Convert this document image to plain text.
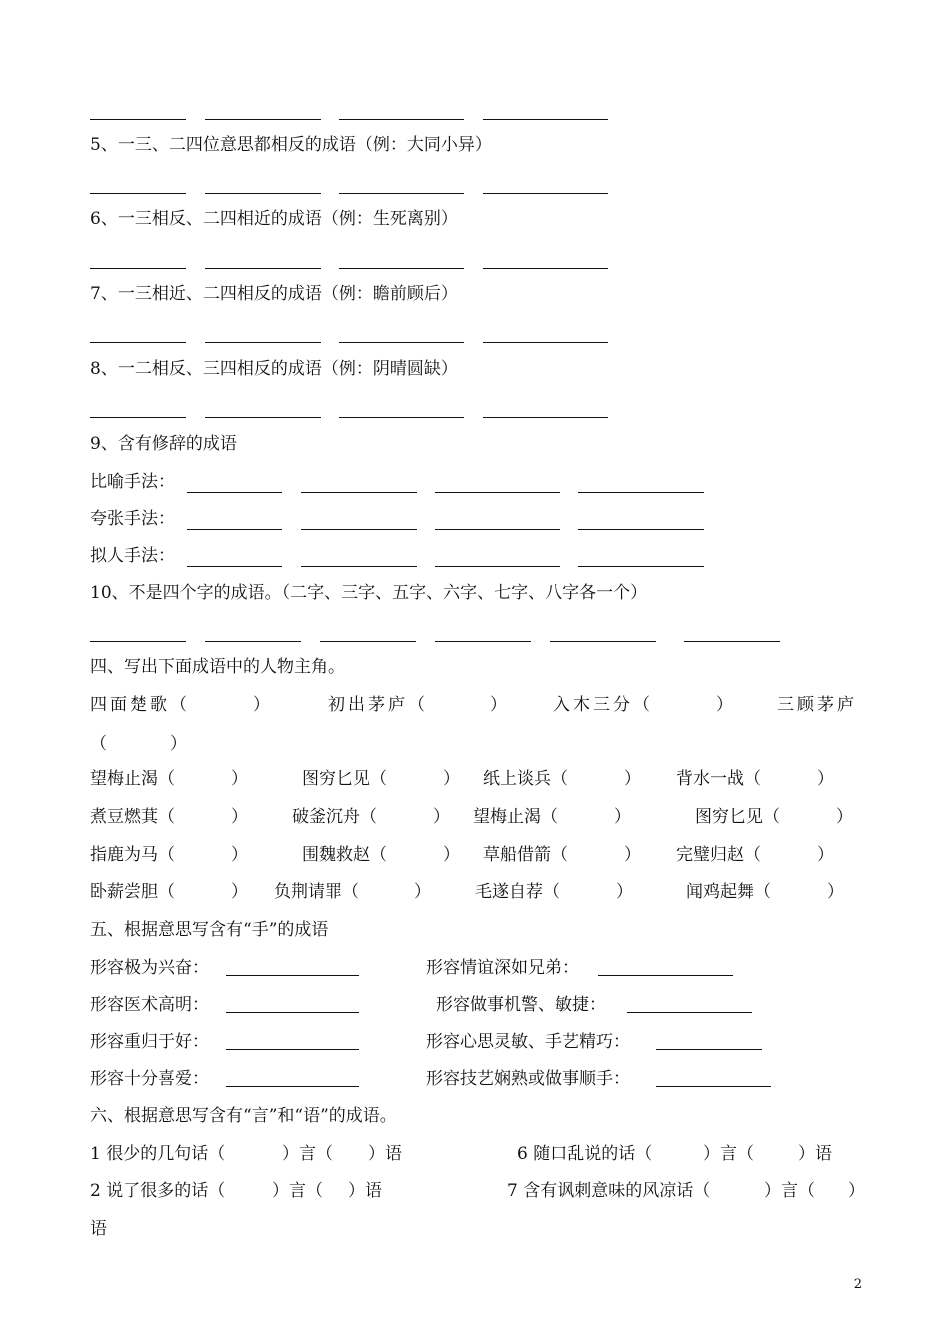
5、一三、二四位意思都相反的成语（例：大同小异）
6、一三相反、二四相近的成语（例：生死离别）
7、一三相近、二四相反的成语（例：瞻前顾后）
8、一二相反、三四相反的成语（例：阴晴圆缺）
9、含有修辞的成语
比喻手法：
夸张手法：
拟人手法：
10、不是四个字的成语。（二字、三字、五字、六字、七字、八字各一个）
四、写出下面成语中的人物主角。
四面楚歌（	）	初出茅庐（	）	入木三分（	）	三顾茅庐
（	）
望梅止渴（	）	图穷匕见（	） 纸上谈兵（	） 背水一战（	）
煮豆燃萁（	）	破釜沉舟（	） 望梅止渴（	）	图穷匕见（	）
指鹿为马（	）	围魏救赵（	） 草船借箭（	） 完璧归赵（	）
卧薪尝胆（	） 负荆请罪（	）	毛遂自荐（	）	闻鸡起舞（	）
五、根据意思写含有“手”的成语
形容极为兴奋：	形容情谊深如兄弟：
形容医术高明：	形容做事机警、敏捷：
形容重归于好：	形容心思灵敏、手艺精巧：
形容十分喜爱：	形容技艺娴熟或做事顺手：
六、根据意思写含有“言”和“语”的成语。
1 很少的几句话（	）言（ ）语	6 随口乱说的话（	）言（	）语
2 说了很多的话（	）言（ ）语	7 含有讽刺意味的风凉话（	）言（ ）
语
2
